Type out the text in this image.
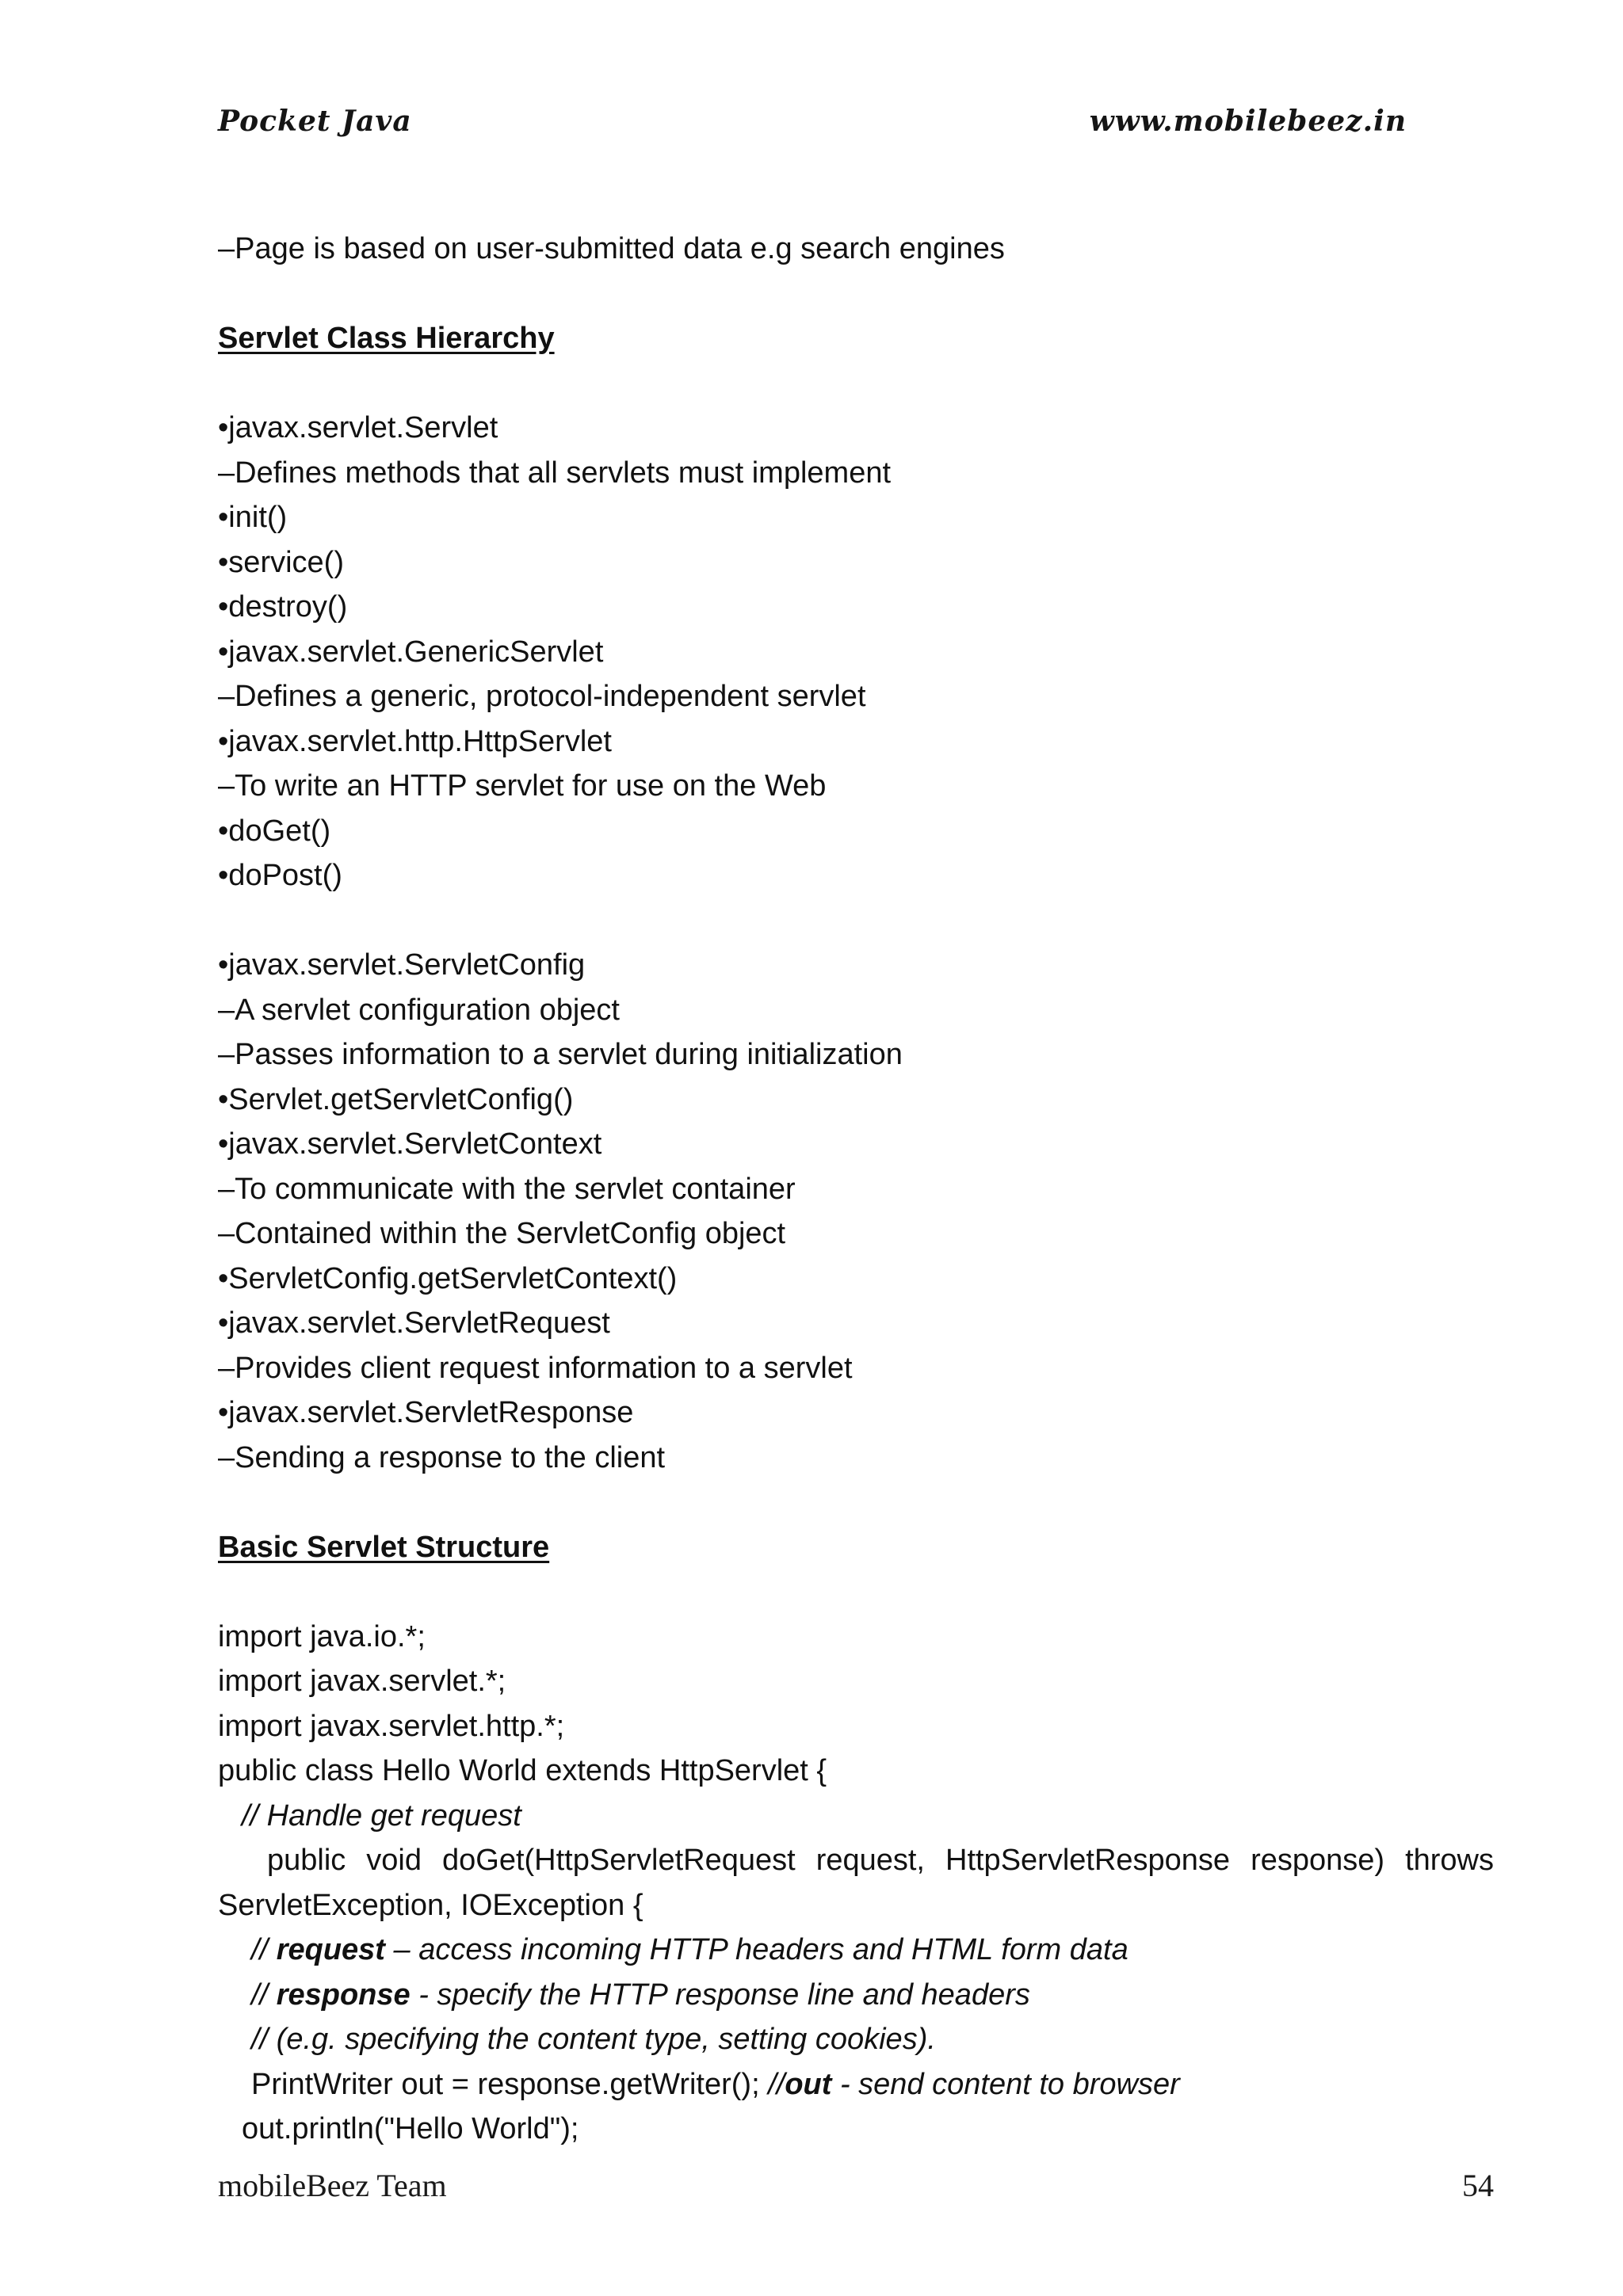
Pocket Java	www.mobilebeez.in
–Page is based on user-submitted data e.g search engines
Servlet Class Hierarchy
•javax.servlet.Servlet
–Defines methods that all servlets must implement
•init()
•service()
•destroy()
•javax.servlet.GenericServlet
–Defines a generic, protocol-independent servlet
•javax.servlet.http.HttpServlet
–To write an HTTP servlet for use on the Web
•doGet()
•doPost()
•javax.servlet.ServletConfig
–A servlet configuration object
–Passes information to a servlet during initialization
•Servlet.getServletConfig()
•javax.servlet.ServletContext
–To communicate with the servlet container
–Contained within the ServletConfig object
•ServletConfig.getServletContext()
•javax.servlet.ServletRequest
–Provides client request information to a servlet
•javax.servlet.ServletResponse
–Sending a response to the client
Basic Servlet Structure
import java.io.*;
import javax.servlet.*;
import javax.servlet.http.*;
public class Hello World extends HttpServlet {
// Handle get request
public void doGet(HttpServletRequest request, HttpServletResponse response) throws
ServletException, IOException {
// request – access incoming HTTP headers and HTML form data
// response - specify the HTTP response line and headers
// (e.g. specifying the content type, setting cookies).
PrintWriter out = response.getWriter(); //out - send content to browser
out.println("Hello World");
mobileBeez Team	54
